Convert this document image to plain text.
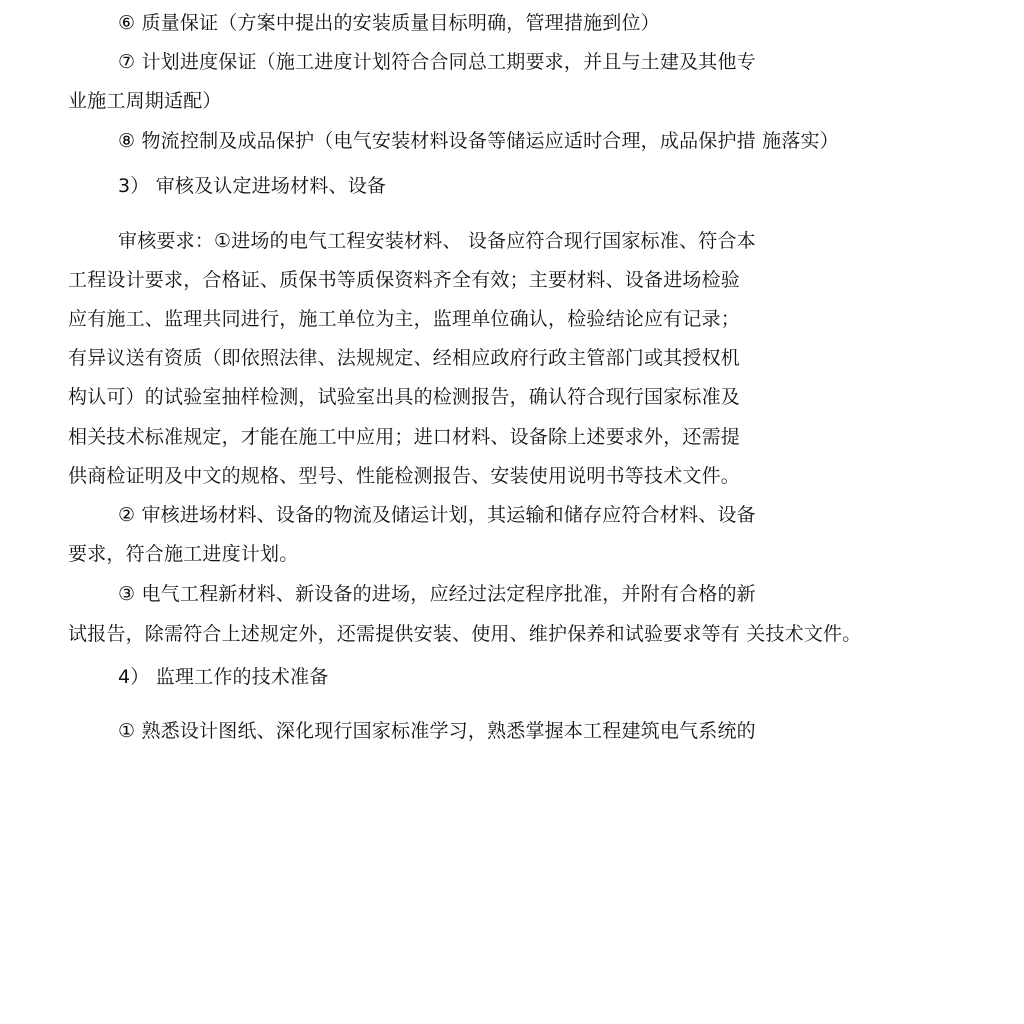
⑥ 质量保证（方案中提出的安装质量目标明确，管理措施到位）
⑦ 计划进度保证（施工进度计划符合合同总工期要求，并且与土建及其他专
业施工周期适配）
⑧ 物流控制及成品保护（电气安装材料设备等储运应适时合理，成品保护措 施落实）
3） 审核及认定进场材料、设备
审核要求：①进场的电气工程安装材料、 设备应符合现行国家标准、符合本
工程设计要求，合格证、质保书等质保资料齐全有效；主要材料、设备进场检验
应有施工、监理共同进行，施工单位为主，监理单位确认，检验结论应有记录；
有异议送有资质（即依照法律、法规规定、经相应政府行政主管部门或其授权机
构认可）的试验室抽样检测，试验室出具的检测报告，确认符合现行国家标准及
相关技术标准规定，才能在施工中应用；进口材料、设备除上述要求外，还需提
供商检证明及中文的规格、型号、性能检测报告、安装使用说明书等技术文件。
② 审核进场材料、设备的物流及储运计划，其运输和储存应符合材料、设备
要求，符合施工进度计划。
③ 电气工程新材料、新设备的进场，应经过法定程序批准，并附有合格的新
试报告，除需符合上述规定外，还需提供安装、使用、维护保养和试验要求等有 关技术文件。
4） 监理工作的技术准备
① 熟悉设计图纸、深化现行国家标准学习，熟悉掌握本工程建筑电气系统的
